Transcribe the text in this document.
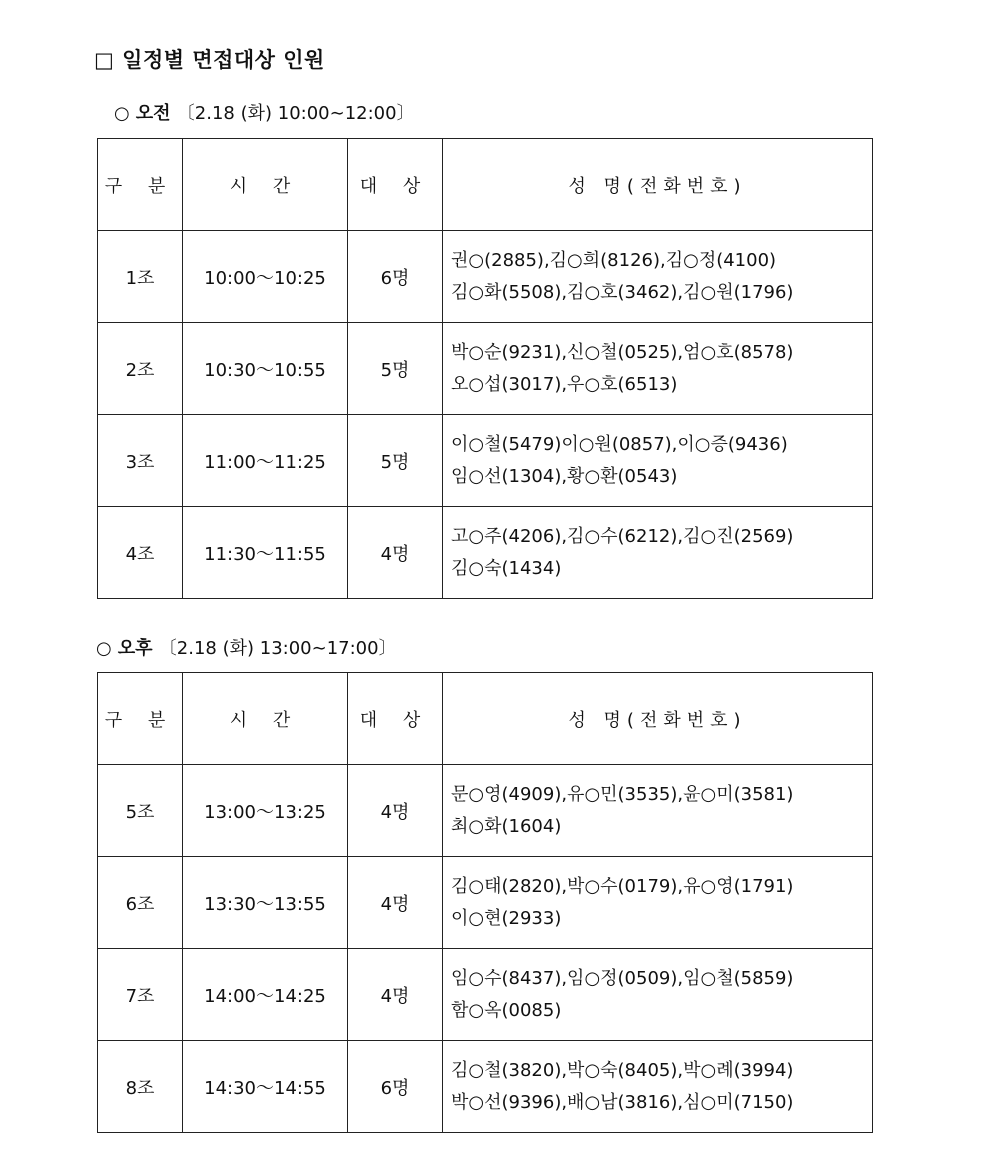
□ 일정별 면접대상 인원
○ 오전 〔2.18 (화) 10:00∼12:00〕
구 분	시 간	대 상	성 명(전화번호)
1조	10:00～10:25	6명	권○(2885),김○희(8126),김○정(4100)
김○화(5508),김○호(3462),김○원(1796)

2조	10:30～10:55	5명	박○순(9231),신○철(0525),엄○호(8578)
오○섭(3017),우○호(6513)

3조	11:00～11:25	5명	이○철(5479)이○원(0857),이○증(9436)
임○선(1304),황○환(0543)

4조	11:30～11:55	4명	고○주(4206),김○수(6212),김○진(2569)
김○숙(1434)
○ 오후 〔2.18 (화) 13:00∼17:00〕
구 분	시 간	대 상	성 명(전화번호)
5조	13:00～13:25	4명	문○영(4909),유○민(3535),윤○미(3581)
최○화(1604)

6조	13:30～13:55	4명	김○태(2820),박○수(0179),유○영(1791)
이○현(2933)

7조	14:00～14:25	4명	임○수(8437),임○정(0509),임○철(5859)
함○옥(0085)

8조	14:30～14:55	6명	김○철(3820),박○숙(8405),박○례(3994)
박○선(9396),배○남(3816),심○미(7150)
